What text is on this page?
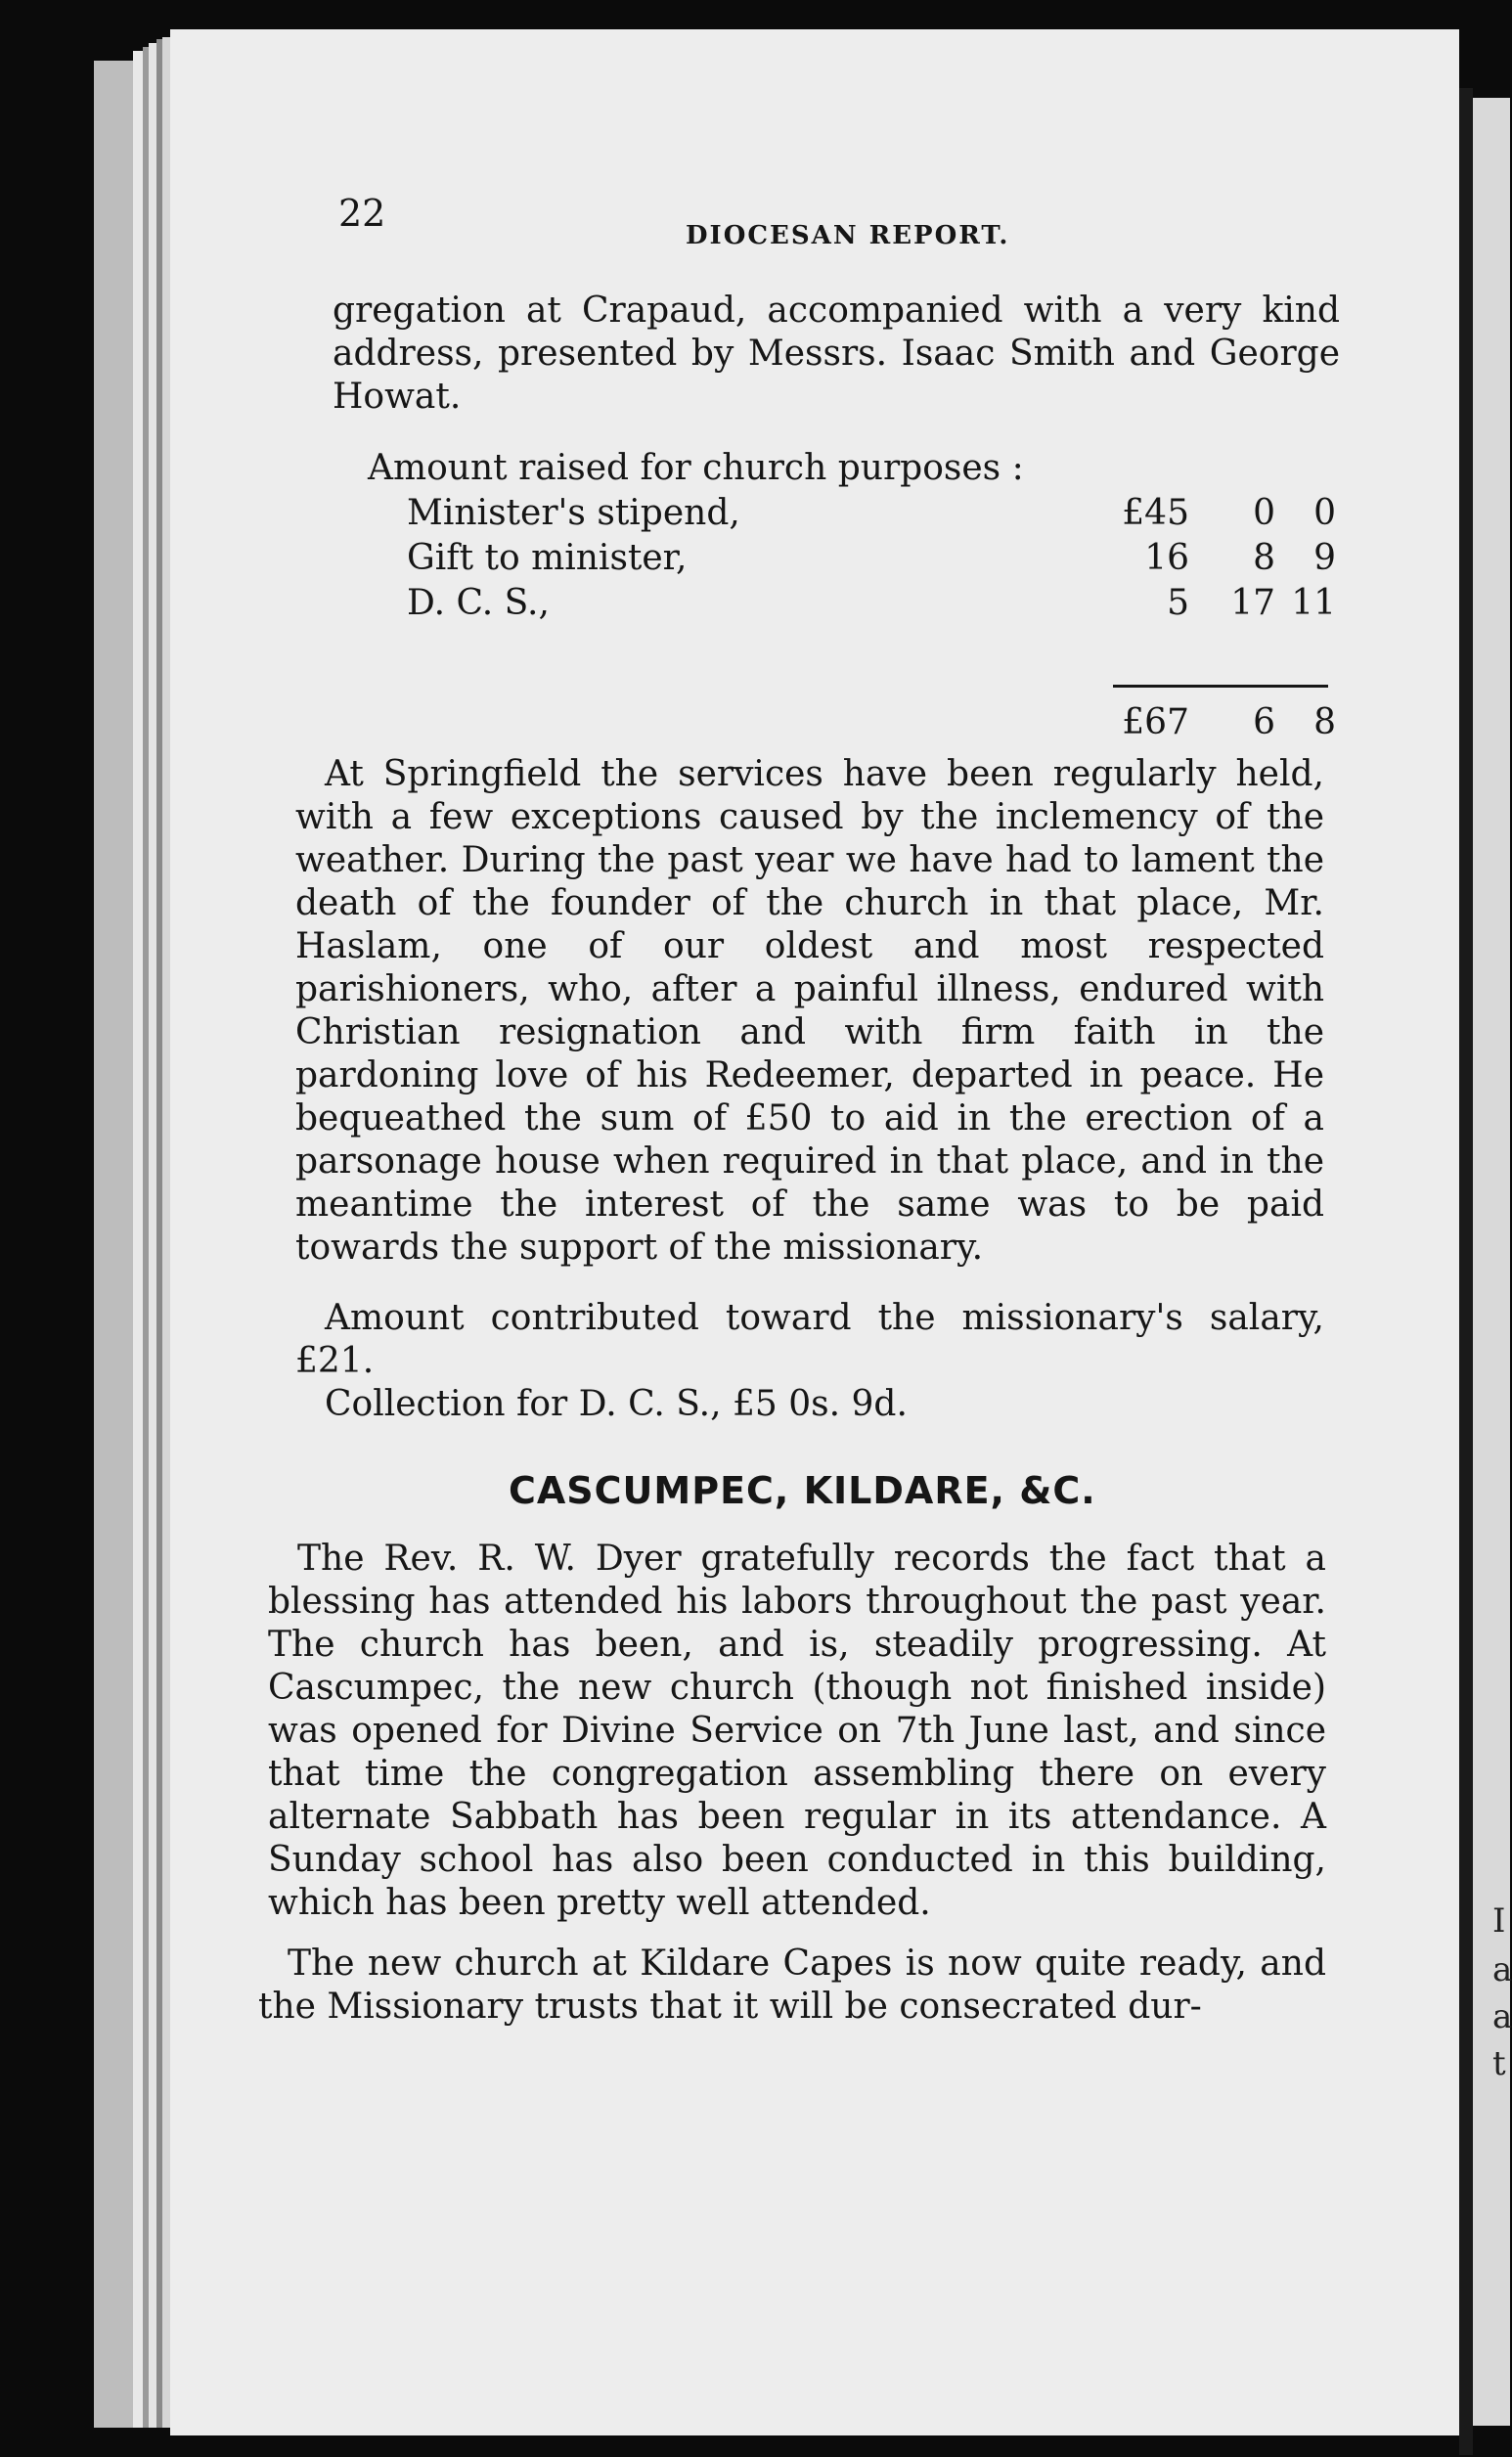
I
a
a
t
22
DIOCESAN REPORT.

gregation at Crapaud, accompanied with a very kind address, presented by Messrs. Isaac Smith and George Howat.

Amount raised for church purposes :

Minister's stipend,	£45 0	0
Gift to minister,	16 8	9
D. C. S.,	5 17 11
£67 6	8

At Springfield the services have been regularly held, with a few exceptions caused by the inclemency of the weather. During the past year we have had to lament the death of the founder of the church in that place, Mr. Haslam, one of our oldest and most respected parishioners, who, after a painful illness, endured with Christian resignation and with firm faith in the pardoning love of his Redeemer, departed in peace. He bequeathed the sum of £50 to aid in the erection of a parsonage house when required in that place, and in the meantime the interest of the same was to be paid towards the support of the missionary.

Amount contributed toward the missionary's salary, £21.

Collection for D. C. S., £5 0s. 9d.

CASCUMPEC, KILDARE, &C.

The Rev. R. W. Dyer gratefully records the fact that a blessing has attended his labors throughout the past year. The church has been, and is, steadily progressing. At Cascumpec, the new church (though not finished inside) was opened for Divine Service on 7th June last, and since that time the congregation assembling there on every alternate Sabbath has been regular in its attendance. A Sunday school has also been conducted in this building, which has been pretty well attended.

The new church at Kildare Capes is now quite ready, and the Missionary trusts that it will be consecrated dur-
